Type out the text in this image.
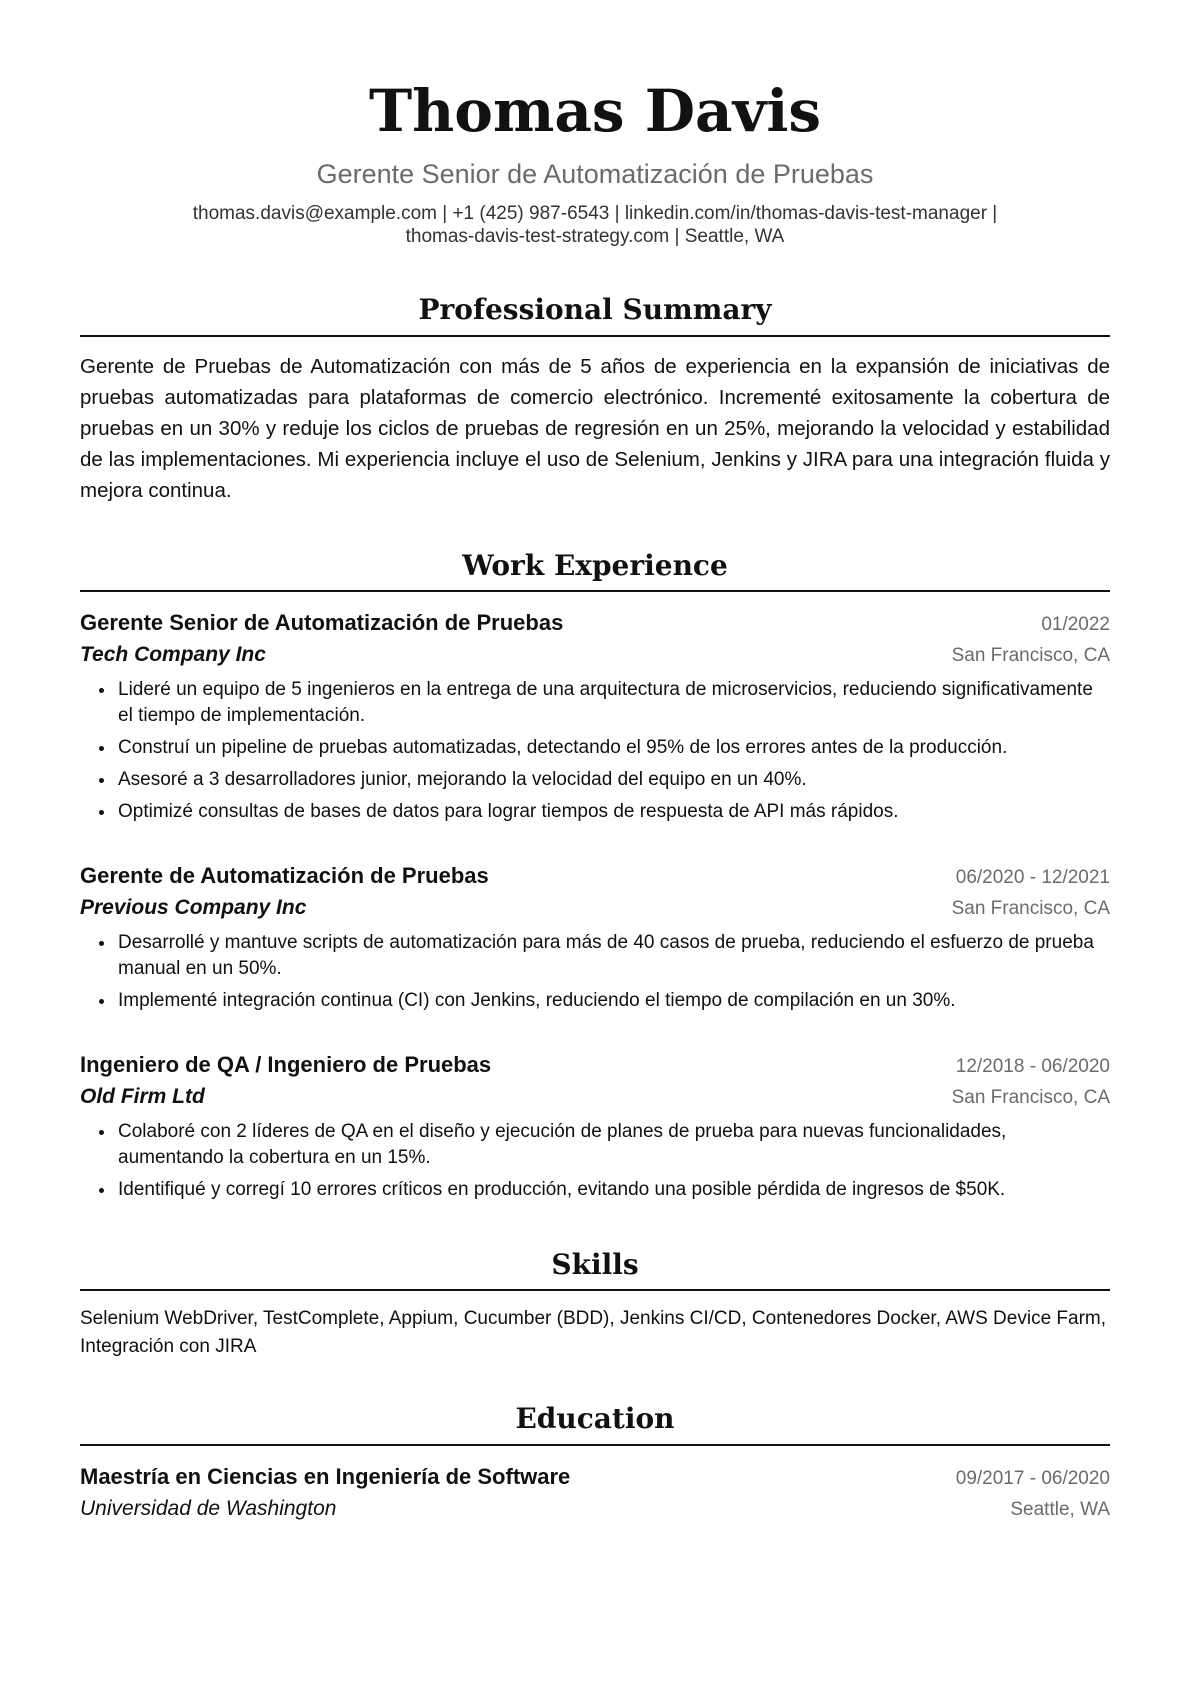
Thomas Davis
Gerente Senior de Automatización de Pruebas
thomas.davis@example.com | +1 (425) 987-6543 | linkedin.com/in/thomas-davis-test-manager |
thomas-davis-test-strategy.com | Seattle, WA
Professional Summary
Gerente de Pruebas de Automatización con más de 5 años de experiencia en la expansión de iniciativas de pruebas automatizadas para plataformas de comercio electrónico. Incrementé exitosamente la cobertura de pruebas en un 30% y reduje los ciclos de pruebas de regresión en un 25%, mejorando la velocidad y estabilidad de las implementaciones. Mi experiencia incluye el uso de Selenium, Jenkins y JIRA para una integración fluida y mejora continua.
Work Experience
Gerente Senior de Automatización de Pruebas	01/2022
Tech Company Inc	San Francisco, CA
• Lideré un equipo de 5 ingenieros en la entrega de una arquitectura de microservicios, reduciendo significativamente el tiempo de implementación.
• Construí un pipeline de pruebas automatizadas, detectando el 95% de los errores antes de la producción.
• Asesoré a 3 desarrolladores junior, mejorando la velocidad del equipo en un 40%.
• Optimizé consultas de bases de datos para lograr tiempos de respuesta de API más rápidos.
Gerente de Automatización de Pruebas	06/2020 - 12/2021
Previous Company Inc	San Francisco, CA
• Desarrollé y mantuve scripts de automatización para más de 40 casos de prueba, reduciendo el esfuerzo de prueba manual en un 50%.
• Implementé integración continua (CI) con Jenkins, reduciendo el tiempo de compilación en un 30%.
Ingeniero de QA / Ingeniero de Pruebas	12/2018 - 06/2020
Old Firm Ltd	San Francisco, CA
• Colaboré con 2 líderes de QA en el diseño y ejecución de planes de prueba para nuevas funcionalidades, aumentando la cobertura en un 15%.
• Identifiqué y corregí 10 errores críticos en producción, evitando una posible pérdida de ingresos de $50K.
Skills
Selenium WebDriver, TestComplete, Appium, Cucumber (BDD), Jenkins CI/CD, Contenedores Docker, AWS Device Farm, Integración con JIRA
Education
Maestría en Ciencias en Ingeniería de Software	09/2017 - 06/2020
Universidad de Washington	Seattle, WA
